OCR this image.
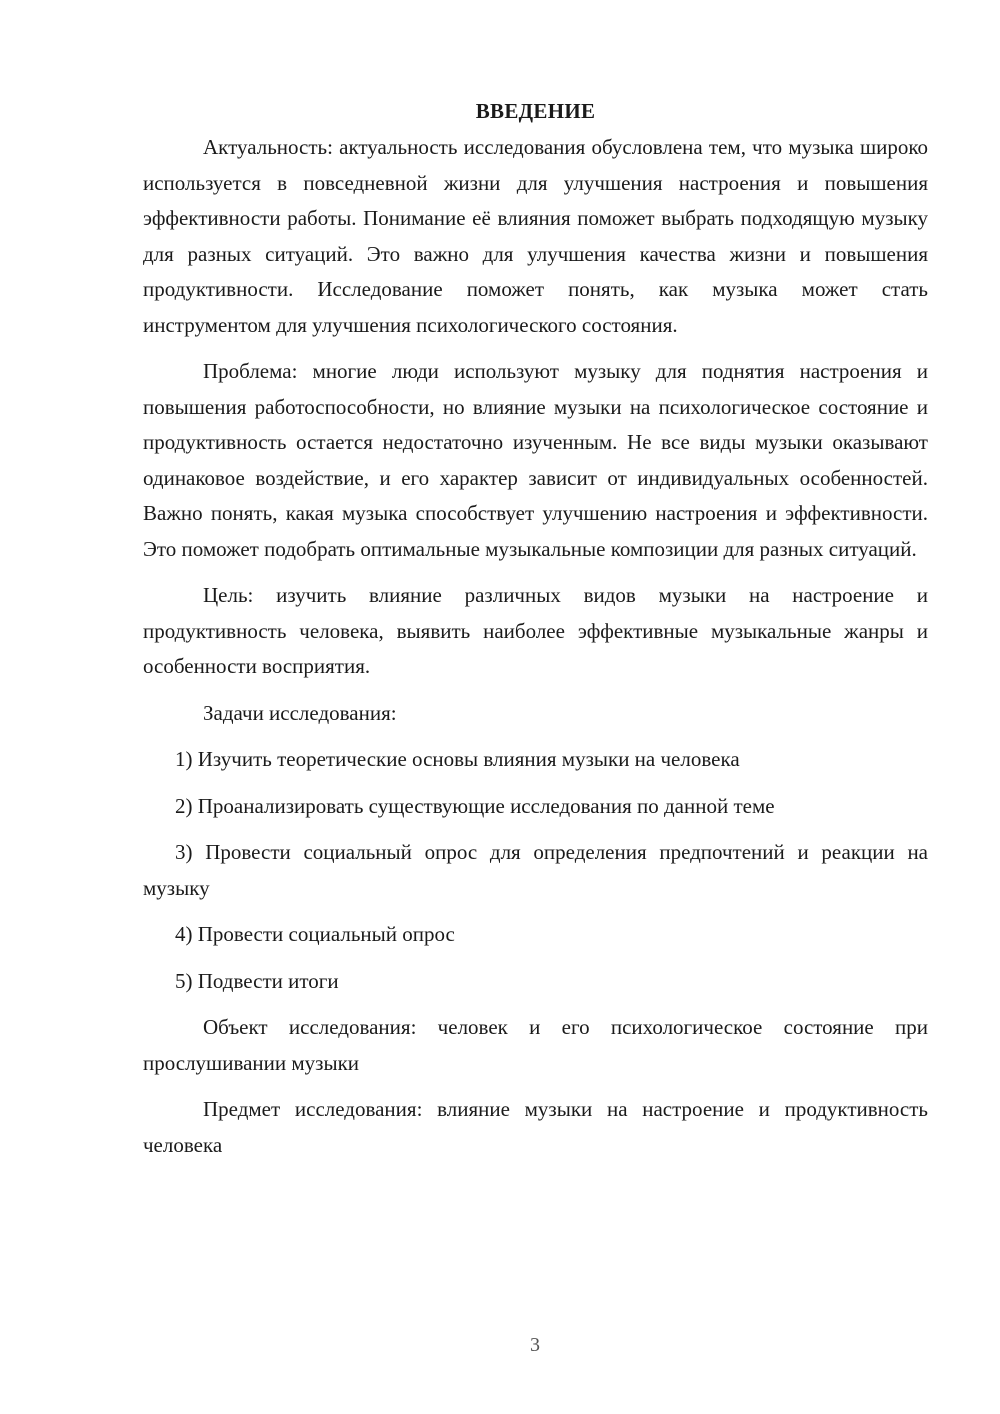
ВВЕДЕНИЕ

Актуальность: актуальность исследования обусловлена тем, что музыка широко используется в повседневной жизни для улучшения настроения и повышения эффективности работы. Понимание её влияния поможет выбрать подходящую музыку для разных ситуаций. Это важно для улучшения качества жизни и повышения продуктивности. Исследование поможет понять, как музыка может стать инструментом для улучшения психологического состояния.

Проблема: многие люди используют музыку для поднятия настроения и повышения работоспособности, но влияние музыки на психологическое состояние и продуктивность остается недостаточно изученным. Не все виды музыки оказывают одинаковое воздействие, и его характер зависит от индивидуальных особенностей. Важно понять, какая музыка способствует улучшению настроения и эффективности. Это поможет подобрать оптимальные музыкальные композиции для разных ситуаций.

Цель: изучить влияние различных видов музыки на настроение и продуктивность человека, выявить наиболее эффективные музыкальные жанры и особенности восприятия.

Задачи исследования:

1) Изучить теоретические основы влияния музыки на человека

2) Проанализировать существующие исследования по данной теме

3) Провести социальный опрос для определения предпочтений и реакции на музыку

4) Провести социальный опрос

5) Подвести итоги

Объект исследования: человек и его психологическое состояние при прослушивании музыки

Предмет исследования: влияние музыки на настроение и продуктивность человека

3
